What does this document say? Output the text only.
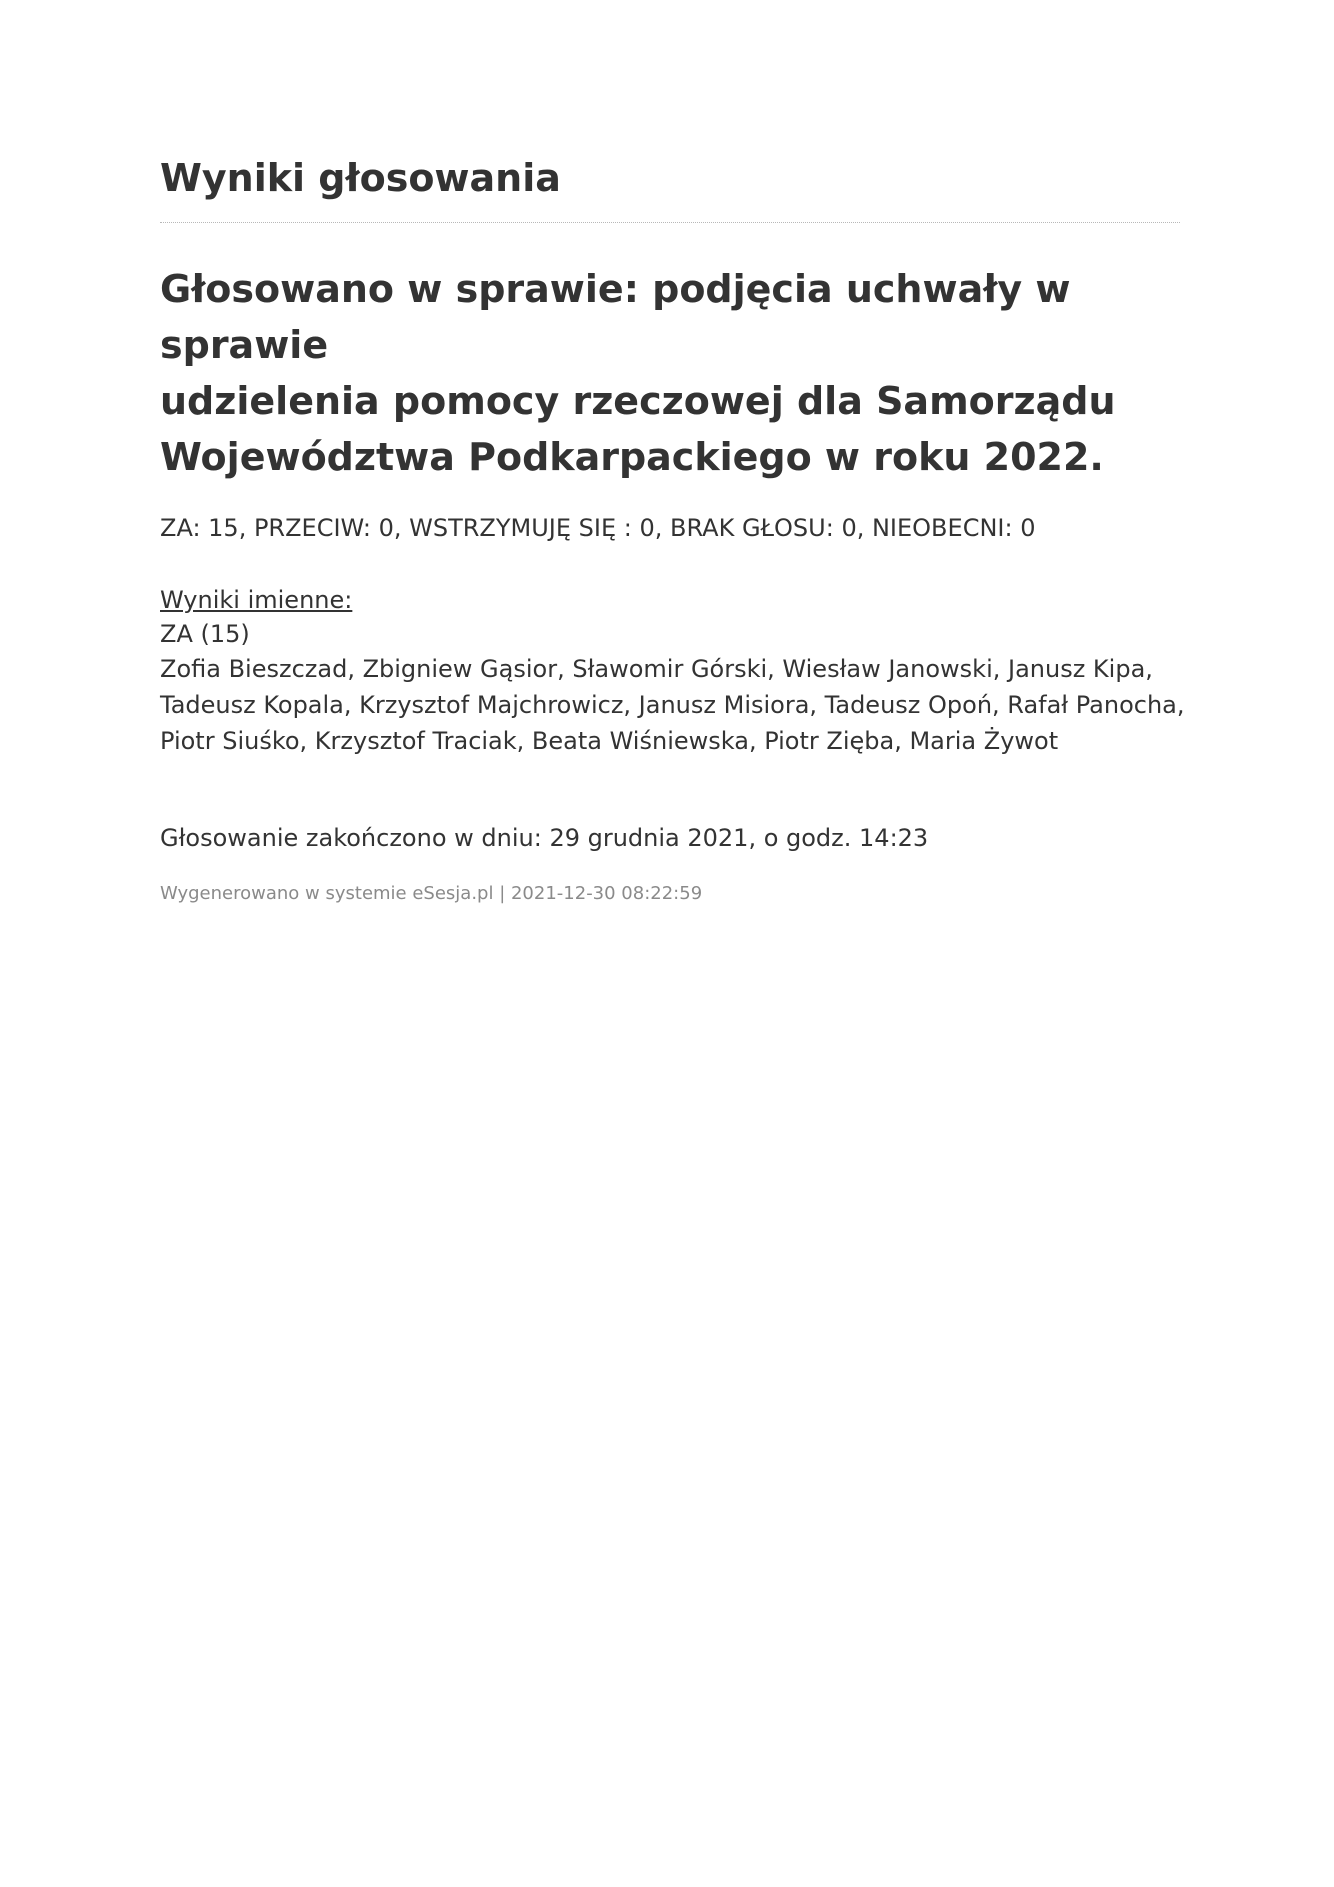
Wyniki głosowania
Głosowano w sprawie: podjęcia uchwały w sprawie
udzielenia pomocy rzeczowej dla Samorządu
Województwa Podkarpackiego w roku 2022.
ZA: 15, PRZECIW: 0, WSTRZYMUJĘ SIĘ : 0, BRAK GŁOSU: 0, NIEOBECNI: 0
Wyniki imienne:
ZA (15)
Zofia Bieszczad, Zbigniew Gąsior, Sławomir Górski, Wiesław Janowski, Janusz Kipa,
Tadeusz Kopala, Krzysztof Majchrowicz, Janusz Misiora, Tadeusz Opoń, Rafał Panocha,
Piotr Siuśko, Krzysztof Traciak, Beata Wiśniewska, Piotr Zięba, Maria Żywot
Głosowanie zakończono w dniu: 29 grudnia 2021, o godz. 14:23
Wygenerowano w systemie eSesja.pl | 2021-12-30 08:22:59
